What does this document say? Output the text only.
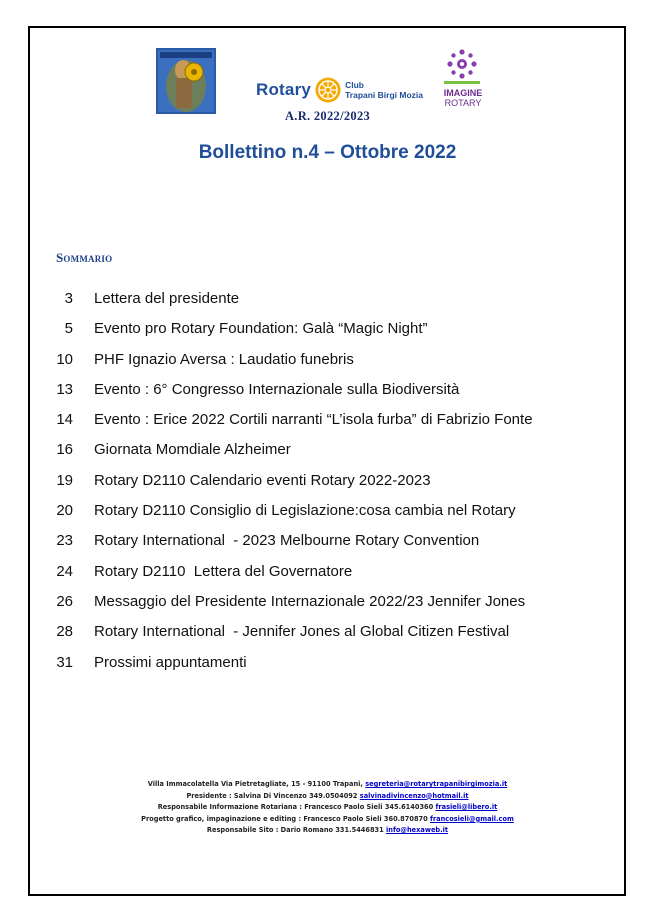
Rotary	Club
Trapani Birgi Mozia
A.R. 2022/2023
IMAGINE
ROTARY
Bollettino n.4 – Ottobre 2022
Sommario
3 Lettera del presidente
5 Evento pro Rotary Foundation: Galà “Magic Night”
10 PHF Ignazio Aversa : Laudatio funebris
13 Evento : 6° Congresso Internazionale sulla Biodiversità
14 Evento : Erice 2022 Cortili narranti “L’isola furba” di Fabrizio Fonte
16 Giornata Momdiale Alzheimer
19 Rotary D2110 Calendario eventi Rotary 2022-2023
20 Rotary D2110 Consiglio di Legislazione:cosa cambia nel Rotary
23 Rotary International  - 2023 Melbourne Rotary Convention
24 Rotary D2110  Lettera del Governatore
26 Messaggio del Presidente Internazionale 2022/23 Jennifer Jones
28 Rotary International  - Jennifer Jones al Global Citizen Festival
31 Prossimi appuntamenti
Villa Immacolatella Via Pietretagliate, 15 - 91100 Trapani, segreteria@rotarytrapanibirgimozia.it
Presidente : Salvina Di Vincenzo 349.0504092 salvinadivincenzo@hotmail.it
Responsabile Informazione Rotariana : Francesco Paolo Sieli 345.6140360 frasieli@libero.it
Progetto grafico, impaginazione e editing : Francesco Paolo Sieli 360.870870 francosieli@gmail.com
Responsabile Sito : Dario Romano 331.5446831 info@hexaweb.it
